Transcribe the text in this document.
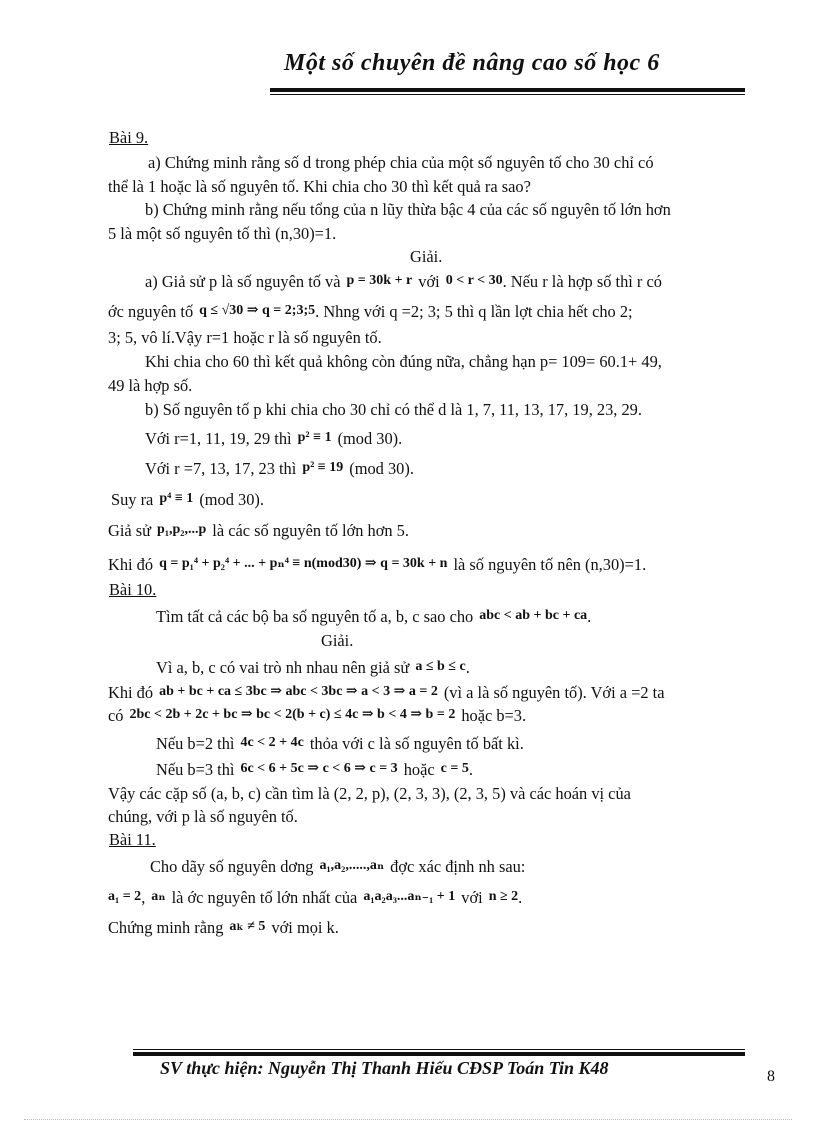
Một số chuyên đề nâng cao số học 6
Bài 9.
a) Chứng minh rằng số d trong phép chia của một số nguyên tố cho 30 chỉ có
thể là 1 hoặc là số nguyên tố. Khi chia cho 30 thì kết quả ra sao?
b) Chứng minh rằng nếu tổng của n lũy thừa bậc 4 của các số nguyên tố lớn hơn
5 là một số nguyên tố thì (n,30)=1.
Giải.
a) Giả sử p là số nguyên tố và p = 30k + r với 0 < r < 30. Nếu r là hợp số thì r có
ớc nguyên tố q ≤ √30 ⇒ q = 2;3;5. Nhng với q =2; 3; 5 thì q lần lợt chia hết cho 2;
3; 5, vô lí.Vậy r=1 hoặc r là số nguyên tố.
Khi chia cho 60 thì kết quả không còn đúng nữa, chẳng hạn p= 109= 60.1+ 49,
49 là hợp số.
b) Số nguyên tố p khi chia cho 30 chỉ có thể d là 1, 7, 11, 13, 17, 19, 23, 29.
Với r=1, 11, 19, 29 thì p² ≡ 1 (mod 30).
Với r =7, 13, 17, 23 thì p² ≡ 19 (mod 30).
Suy ra p⁴ ≡ 1 (mod 30).
Giả sử p₁,p₂,...p là các số nguyên tố lớn hơn 5.
Khi đó q = p₁⁴ + p₂⁴ + ... + pₙ⁴ ≡ n(mod30) ⇒ q = 30k + n là số nguyên tố nên (n,30)=1.
Bài 10.
Tìm tất cả các bộ ba số nguyên tố a, b, c sao cho abc < ab + bc + ca.
Giải.
Vì a, b, c có vai trò nh nhau nên giả sử a ≤ b ≤ c.
Khi đó ab + bc + ca ≤ 3bc ⇒ abc < 3bc ⇒ a < 3 ⇒ a = 2 (vì a là số nguyên tố). Với a =2 ta
có 2bc < 2b + 2c + bc ⇒ bc < 2(b + c) ≤ 4c ⇒ b < 4 ⇒ b = 2 hoặc b=3.
Nếu b=2 thì 4c < 2 + 4c thỏa với c là số nguyên tố bất kì.
Nếu b=3 thì 6c < 6 + 5c ⇒ c < 6 ⇒ c = 3 hoặc c = 5.
Vậy các cặp số (a, b, c) cần tìm là (2, 2, p), (2, 3, 3), (2, 3, 5) và các hoán vị của
chúng, với p là số nguyên tố.
Bài 11.
Cho dãy số nguyên dơng a₁,a₂,.....,aₙ đợc xác định nh sau:
a₁ = 2, aₙ là ớc nguyên tố lớn nhất của a₁a₂a₃...aₙ₋₁ + 1 với n ≥ 2.
Chứng minh rằng aₖ ≠ 5 với mọi k.
SV thực hiện: Nguyễn Thị Thanh Hiếu CĐSP Toán Tin K48	8
